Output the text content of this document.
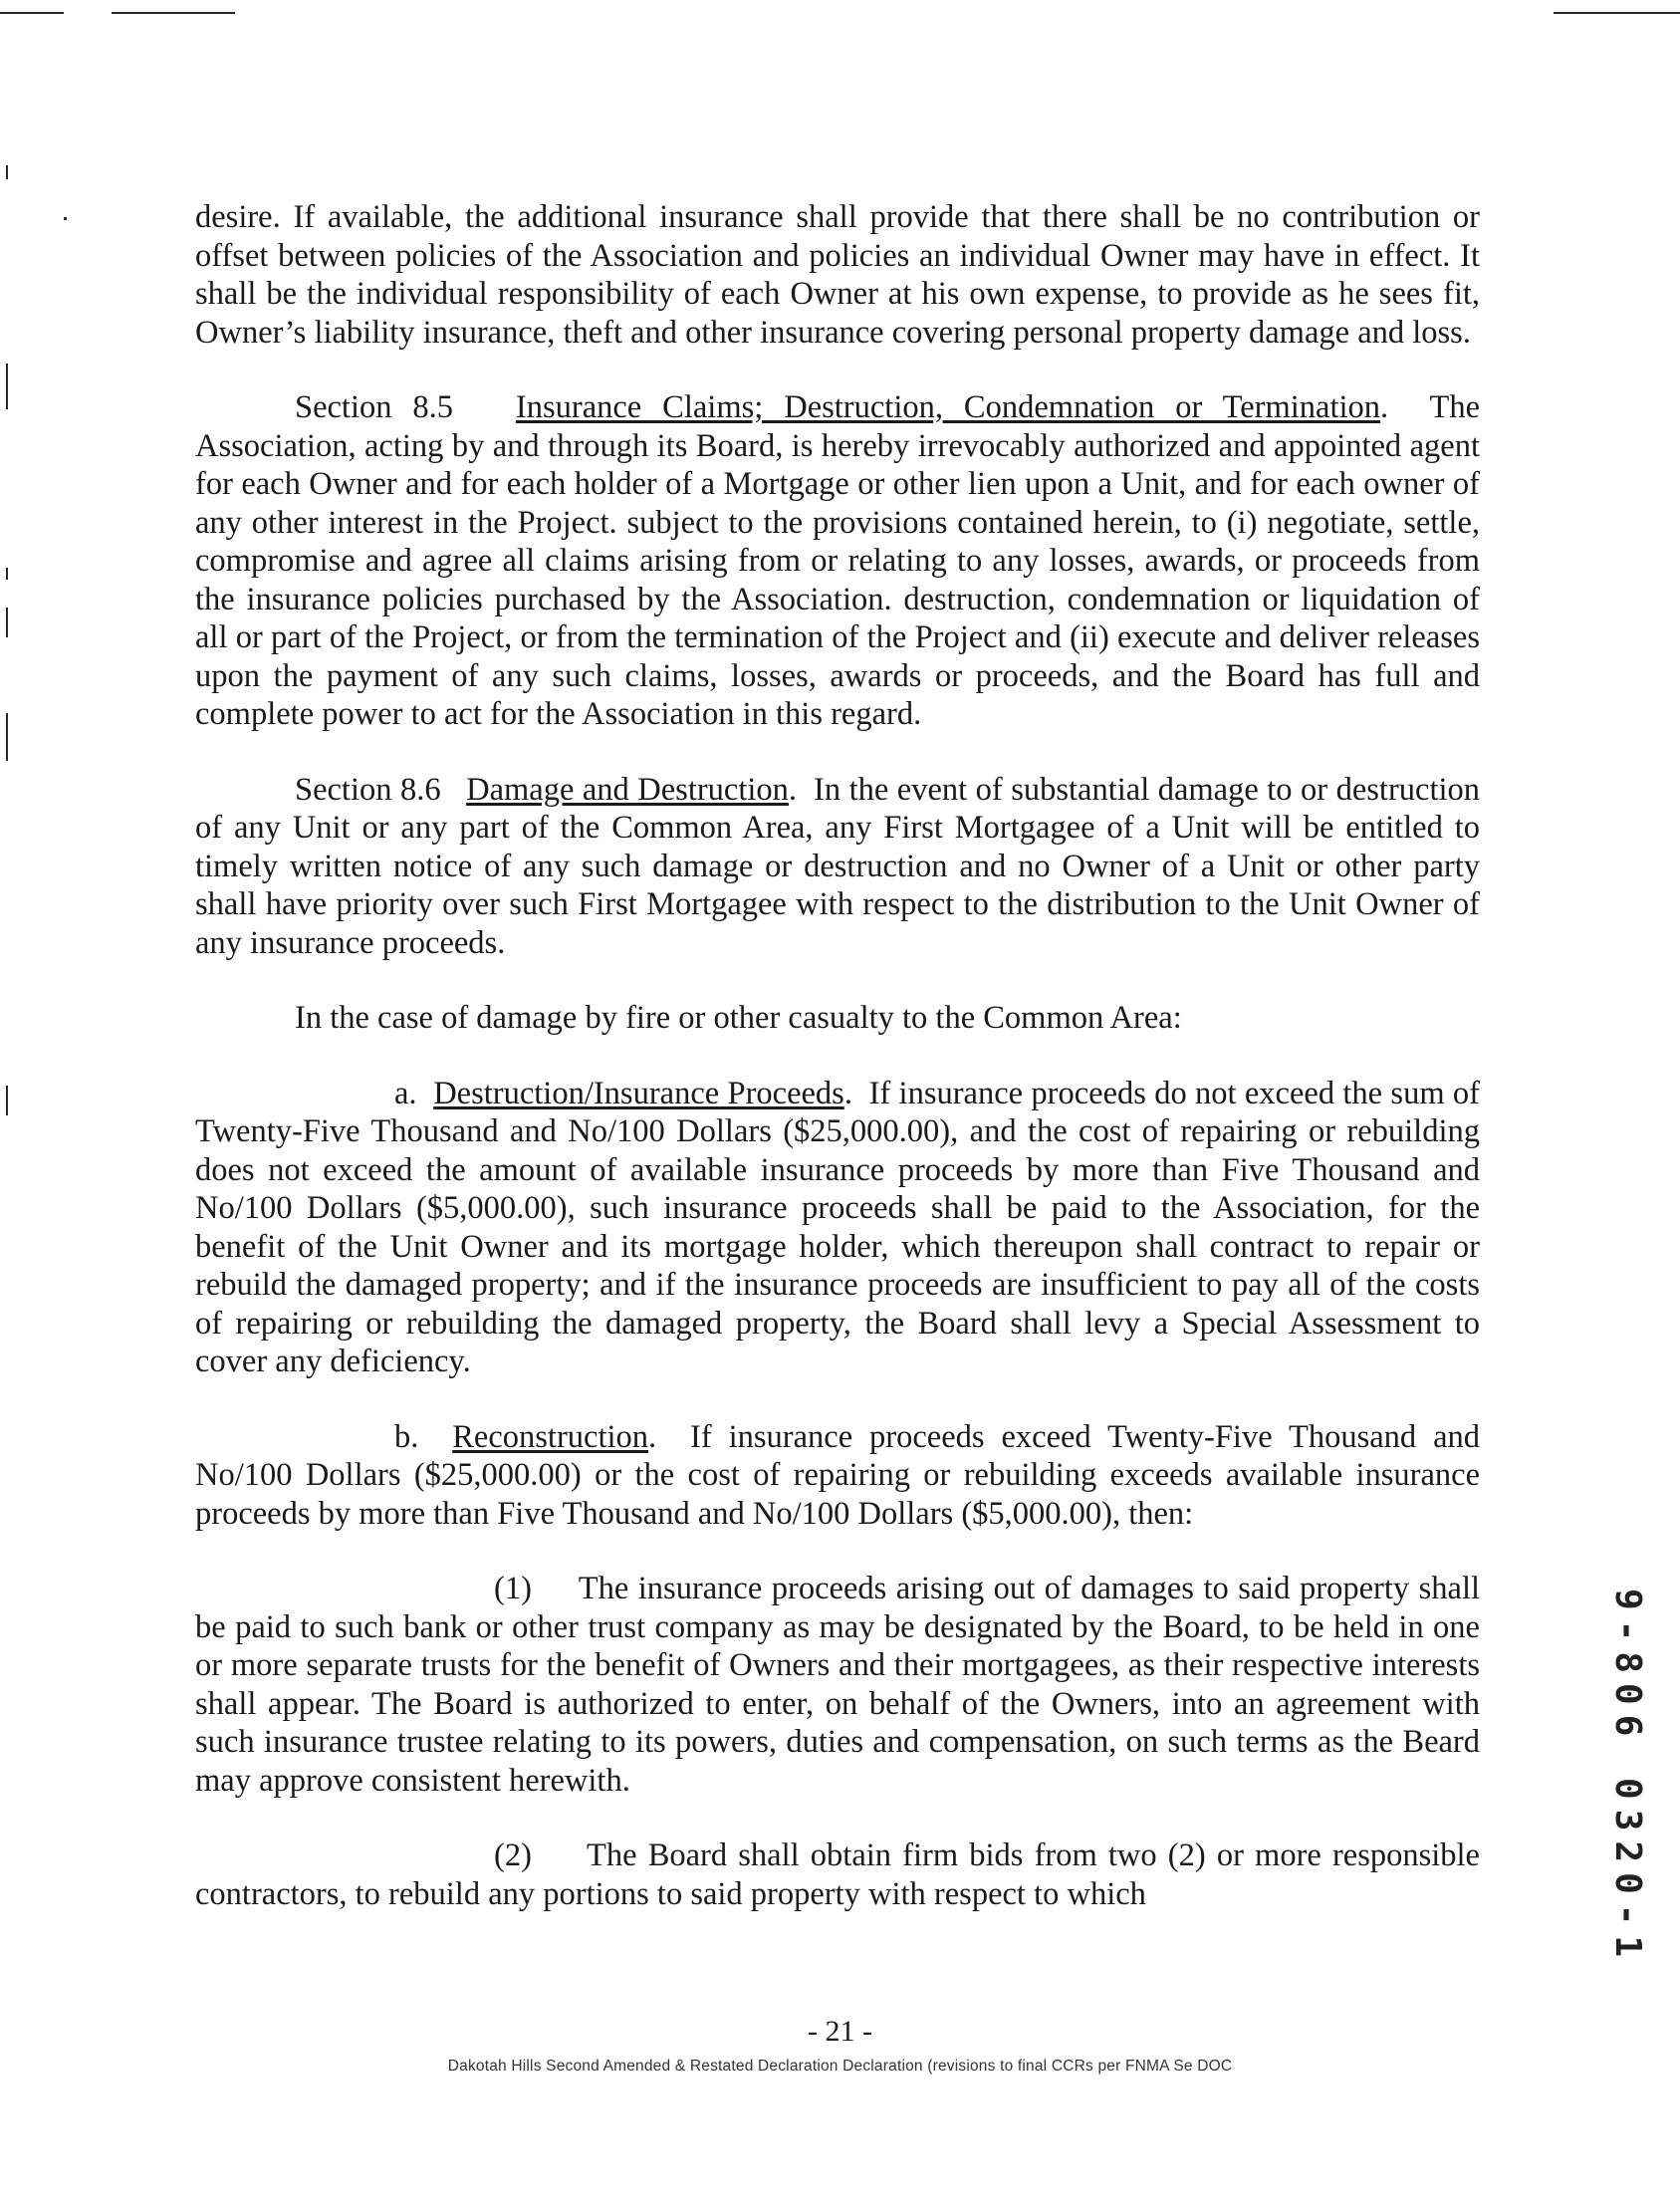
desire. If available, the additional insurance shall provide that there shall be no contribution or offset between policies of the Association and policies an individual Owner may have in effect. It shall be the individual responsibility of each Owner at his own expense, to provide as he sees fit, Owner’s liability insurance, theft and other insurance covering personal property damage and loss.

Section 8.5 Insurance Claims; Destruction, Condemnation or Termination.  The Association, acting by and through its Board, is hereby irrevocably authorized and appointed agent for each Owner and for each holder of a Mortgage or other lien upon a Unit, and for each owner of any other interest in the Project. subject to the provisions contained herein, to (i) negotiate, settle, compromise and agree all claims arising from or relating to any losses, awards, or proceeds from the insurance policies purchased by the Association. destruction, condemnation or liquidation of all or part of the Project, or from the termination of the Project and (ii) execute and deliver releases upon the payment of any such claims, losses, awards or proceeds, and the Board has full and complete power to act for the Association in this regard.

Section 8.6 Damage and Destruction.  In the event of substantial damage to or destruction of any Unit or any part of the Common Area, any First Mortgagee of a Unit will be entitled to timely written notice of any such damage or destruction and no Owner of a Unit or other party shall have priority over such First Mortgagee with respect to the distribution to the Unit Owner of any insurance proceeds.

In the case of damage by fire or other casualty to the Common Area:

a. Destruction/Insurance Proceeds.  If insurance proceeds do not exceed the sum of Twenty-Five Thousand and No/100 Dollars ($25,000.00), and the cost of repairing or rebuilding does not exceed the amount of available insurance proceeds by more than Five Thousand and No/100 Dollars ($5,000.00), such insurance proceeds shall be paid to the Association, for the benefit of the Unit Owner and its mortgage holder, which thereupon shall contract to repair or rebuild the damaged property; and if the insurance proceeds are insufficient to pay all of the costs of repairing or rebuilding the damaged property, the Board shall levy a Special Assessment to cover any deficiency.

b. Reconstruction.  If insurance proceeds exceed Twenty-Five Thousand and No/100 Dollars ($25,000.00) or the cost of repairing or rebuilding exceeds available insurance proceeds by more than Five Thousand and No/100 Dollars ($5,000.00), then:

(1) The insurance proceeds arising out of damages to said property shall be paid to such bank or other trust company as may be designated by the Board, to be held in one or more separate trusts for the benefit of Owners and their mortgagees, as their respective interests shall appear. The Board is authorized to enter, on behalf of the Owners, into an agreement with such insurance trustee relating to its powers, duties and compensation, on such terms as the Beard may approve consistent herewith.

(2) The Board shall obtain firm bids from two (2) or more responsible contractors, to rebuild any portions to said property with respect to which

- 21 -
Dakotah Hills Second Amended & Restated Declaration Declaration (revisions to final CCRs per FNMA Se DOC
9-806 0320-1
